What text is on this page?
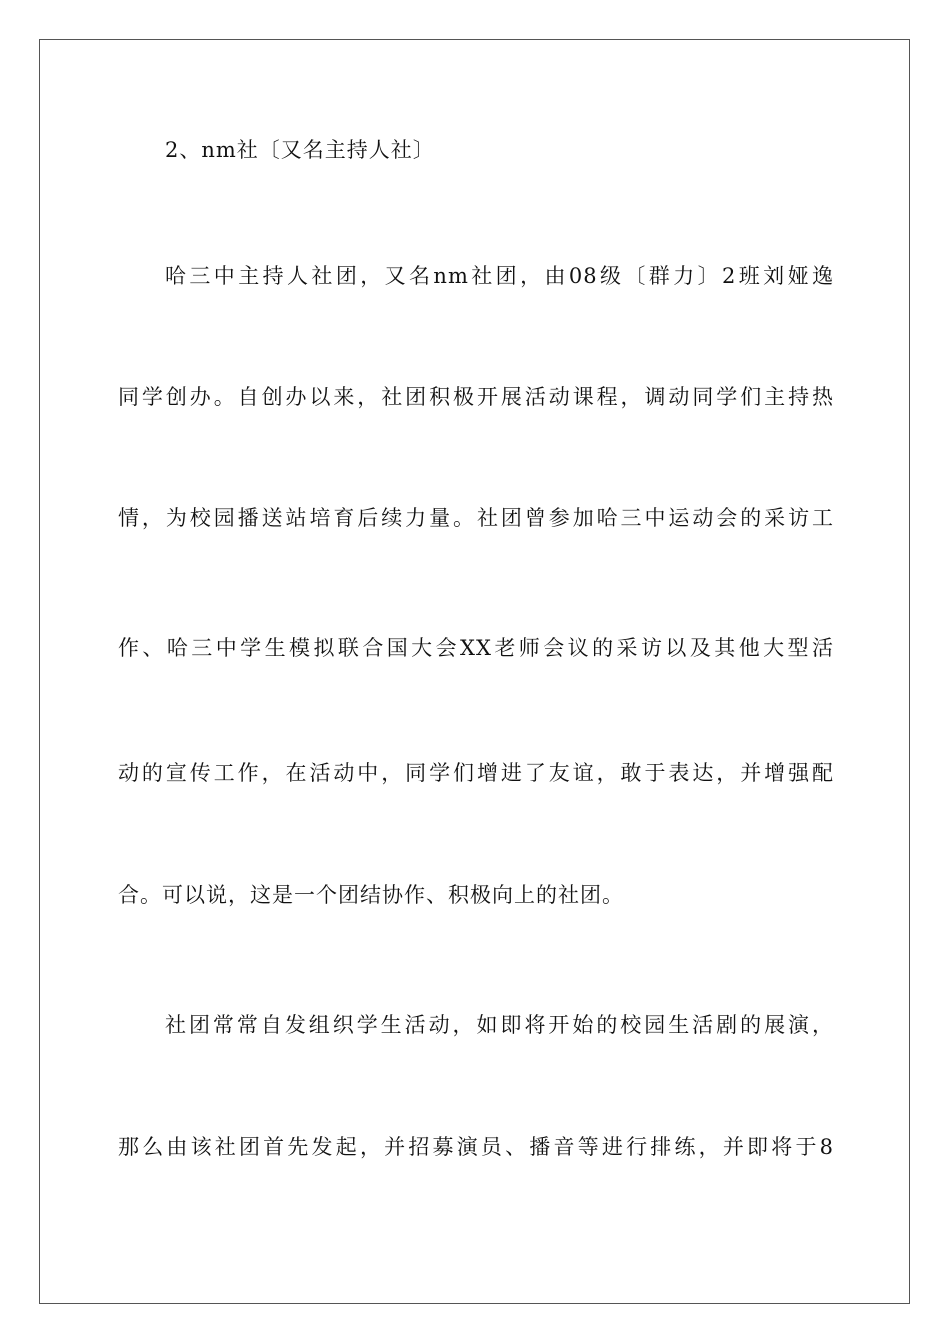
2、nm社〔又名主持人社〕
哈三中主持人社团，又名nm社团，由08级〔群力〕2班刘娅逸
同学创办。自创办以来，社团积极开展活动课程，调动同学们主持热
情，为校园播送站培育后续力量。社团曾参加哈三中运动会的采访工
作、哈三中学生模拟联合国大会XX老师会议的采访以及其他大型活
动的宣传工作，在活动中，同学们增进了友谊，敢于表达，并增强配
合。可以说，这是一个团结协作、积极向上的社团。
社团常常自发组织学生活动，如即将开始的校园生活剧的展演，
那么由该社团首先发起，并招募演员、播音等进行排练，并即将于8
